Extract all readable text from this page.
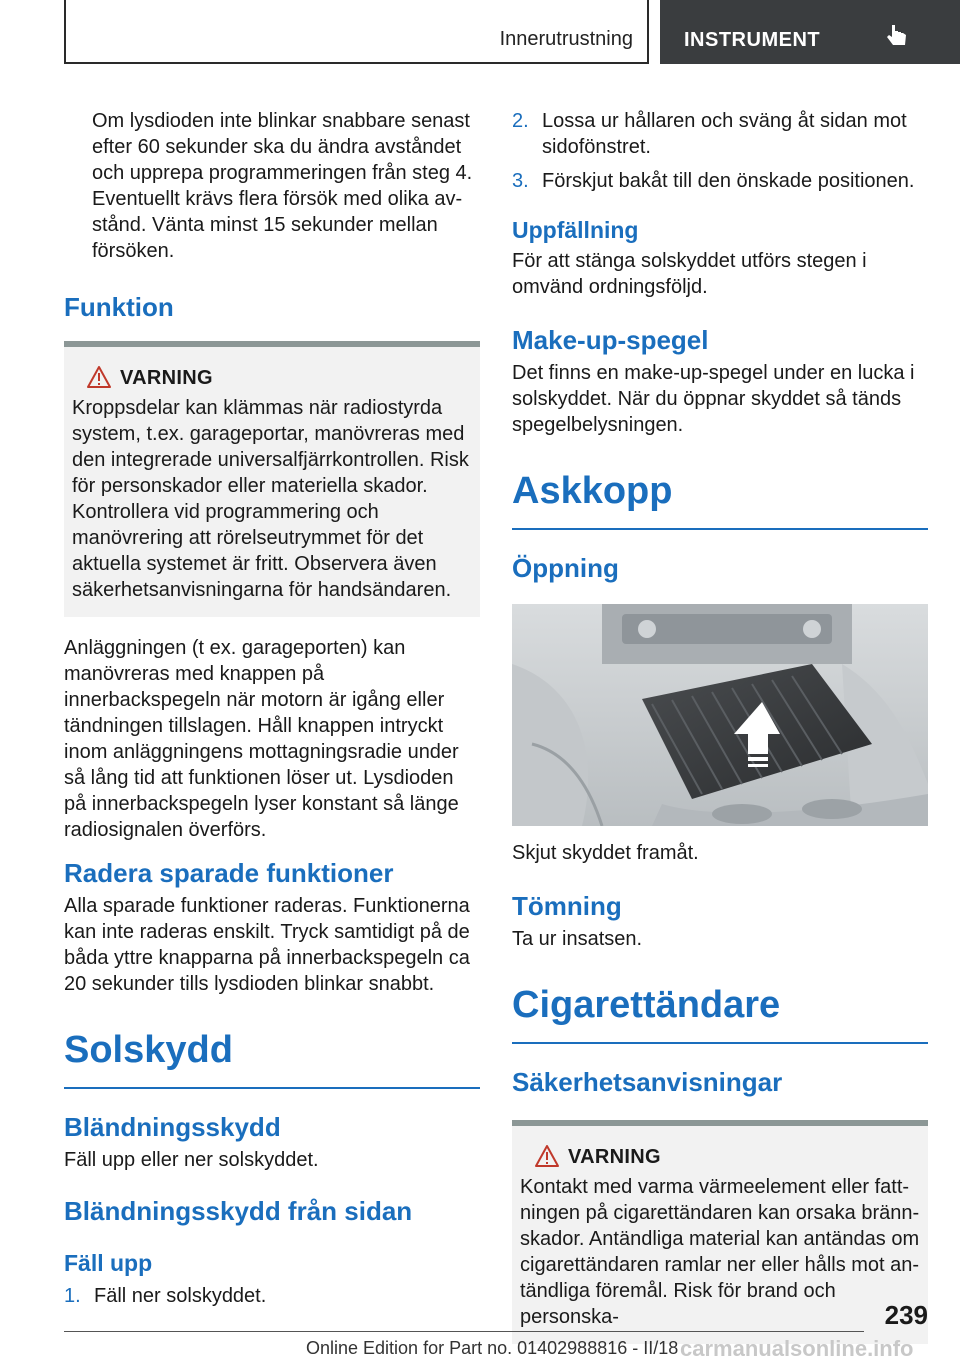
Innerutrustning	INSTRUMENT

Om lysdioden inte blinkar snabbare senast efter 60 sekunder ska du ändra avståndet och upprepa programmeringen från steg 4. Eventuellt krävs flera försök med olika avstånd. Vänta minst 15 sekunder mellan försöken.

Funktion
VARNING

Kroppsdelar kan klämmas när radiostyrda system, t.ex. garageportar, manövreras med den integrerade universalfjärrkontrollen. Risk för personskador eller materiella skador. Kontrollera vid programmering och manövrering att rörelseutrymmet för det aktuella systemet är fritt. Observera även säkerhetsanvisningarna för handsändaren.

Anläggningen (t ex. garageporten) kan manövreras med knappen på innerbackspegeln när motorn är igång eller tändningen tillslagen. Håll knappen intryckt inom anläggningens mottagningsradie under så lång tid att funktionen löser ut. Lysdioden på innerbackspegeln lyser konstant så länge radiosignalen överförs.

Radera sparade funktioner

Alla sparade funktioner raderas. Funktionerna kan inte raderas enskilt. Tryck samtidigt på de båda yttre knapparna på innerbackspegeln ca 20 sekunder tills lysdioden blinkar snabbt.

Solskydd
Bländningsskydd

Fäll upp eller ner solskyddet.

Bländningsskydd från sidan
Fäll upp
1. Fäll ner solskyddet.
2. Lossa ur hållaren och sväng åt sidan mot sidofönstret.
3. Förskjut bakåt till den önskade positionen.
Uppfällning

För att stänga solskyddet utförs stegen i omvänd ordningsföljd.

Make-up-spegel

Det finns en make-up-spegel under en lucka i solskyddet. När du öppnar skyddet så tänds spegelbelysningen.

Askkopp
Öppning

Skjut skyddet framåt.

Tömning

Ta ur insatsen.

Cigarettändare
Säkerhetsanvisningar
VARNING

Kontakt med varma värmeelement eller fattningen på cigarettändaren kan orsaka brännskador. Antändliga material kan antändas om cigarettändaren ramlar ner eller hålls mot antändliga föremål. Risk för brand och personska-	239
Online Edition for Part no. 01402988816 - II/18 carmanualsonline.info
